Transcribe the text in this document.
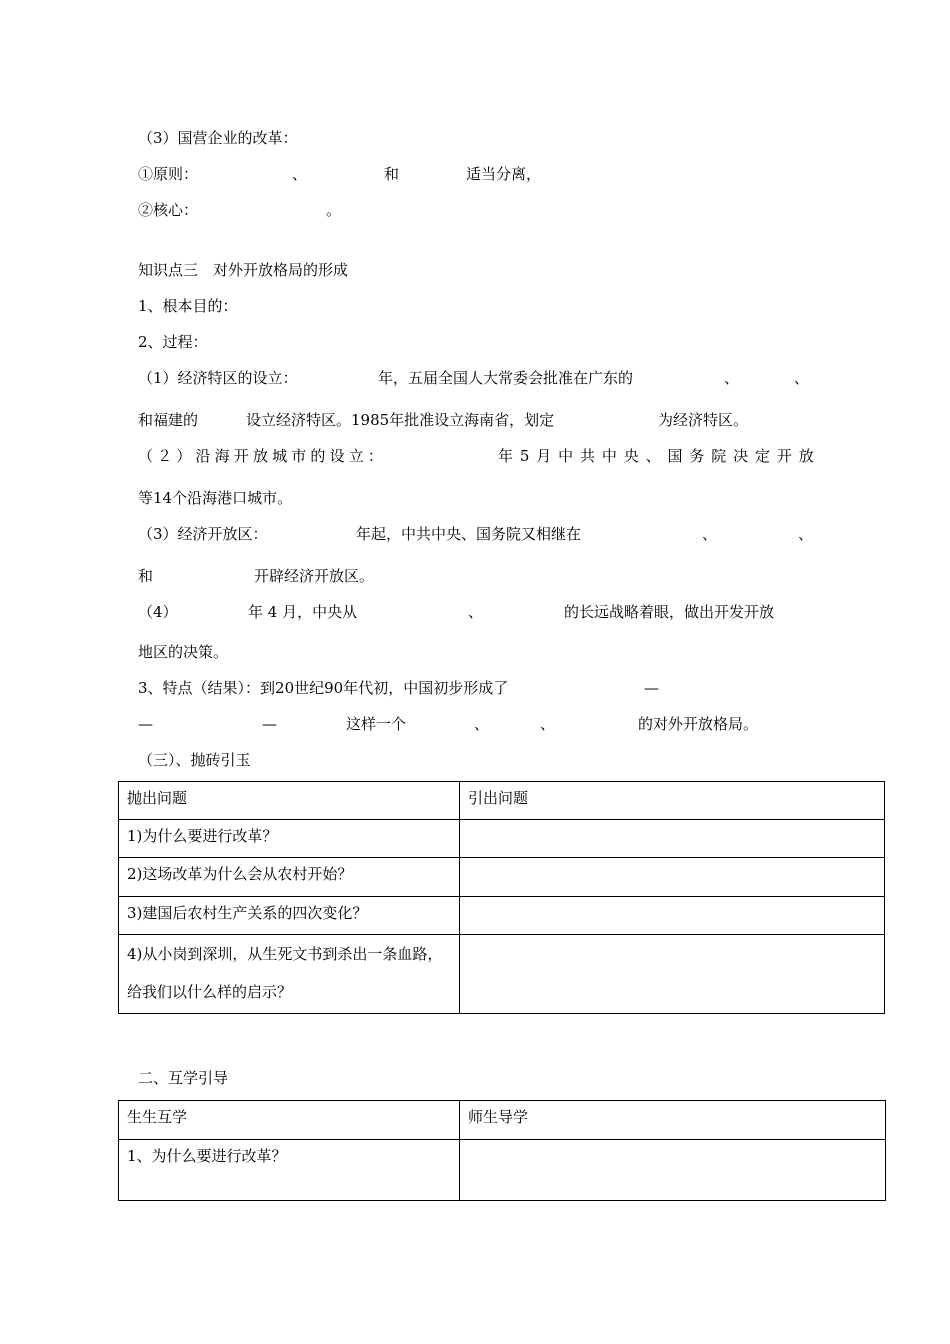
（3）国营企业的改革：
①原则：	、	和	适当分离，
②核心：	。
知识点三　对外开放格局的形成
1、根本目的：
2、过程：
（1）经济特区的设立：	年，五届全国人大常委会批准在广东的	、	、
和福建的	设立经济特区。1985年批准设立海南省，划定	为经济特区。
（ ２ ） 沿 海 开 放 城 市 的 设 立 ：	年 5 月 中 共 中 央 、 国 务 院 决 定 开 放
等14个沿海港口城市。
（3）经济开放区：	年起，中共中央、国务院又相继在	、	、
和	开辟经济开放区。
（4）	年 4 月，中央从	、	的长远战略着眼，做出开发开放
地区的决策。
3、特点（结果）：到20世纪90年代初，中国初步形成了	—
—	—	这样一个	、	、	的对外开放格局。
（三）、抛砖引玉
抛出问题	引出问题
1)为什么要进行改革？	
2)这场改革为什么会从农村开始？	
3)建国后农村生产关系的四次变化？	
4)从小岗到深圳，从生死文书到杀出一条血路，给我们以什么样的启示？	
二、互学引导
生生互学	师生导学
1、为什么要进行改革？	
